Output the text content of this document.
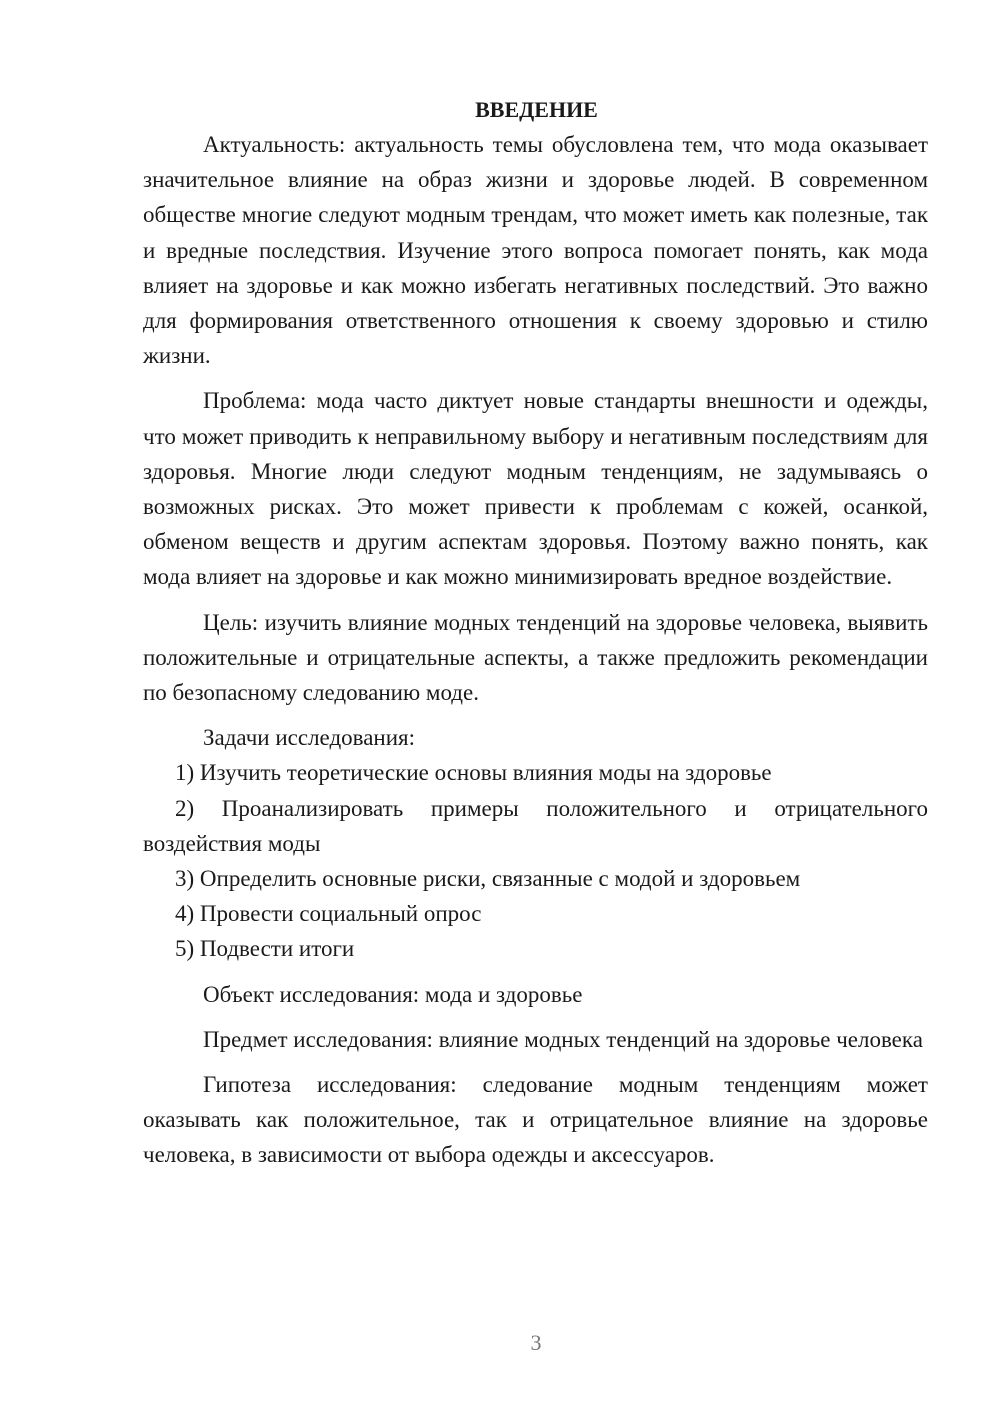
ВВЕДЕНИЕ

Актуальность: актуальность темы обусловлена тем, что мода оказывает значительное влияние на образ жизни и здоровье людей. В современном обществе многие следуют модным трендам, что может иметь как полезные, так и вредные последствия. Изучение этого вопроса помогает понять, как мода влияет на здоровье и как можно избегать негативных последствий. Это важно для формирования ответственного отношения к своему здоровью и стилю жизни.

Проблема: мода часто диктует новые стандарты внешности и одежды, что может приводить к неправильному выбору и негативным последствиям для здоровья. Многие люди следуют модным тенденциям, не задумываясь о возможных рисках. Это может привести к проблемам с кожей, осанкой, обменом веществ и другим аспектам здоровья. Поэтому важно понять, как мода влияет на здоровье и как можно минимизировать вредное воздействие.

Цель: изучить влияние модных тенденций на здоровье человека, выявить положительные и отрицательные аспекты, а также предложить рекомендации по безопасному следованию моде.

Задачи исследования:

1) Изучить теоретические основы влияния моды на здоровье

2) Проанализировать примеры положительного и отрицательного воздействия моды

3) Определить основные риски, связанные с модой и здоровьем

4) Провести социальный опрос

5) Подвести итоги

Объект исследования: мода и здоровье

Предмет исследования: влияние модных тенденций на здоровье человека

Гипотеза исследования: следование модным тенденциям может оказывать как положительное, так и отрицательное влияние на здоровье человека, в зависимости от выбора одежды и аксессуаров.

3
